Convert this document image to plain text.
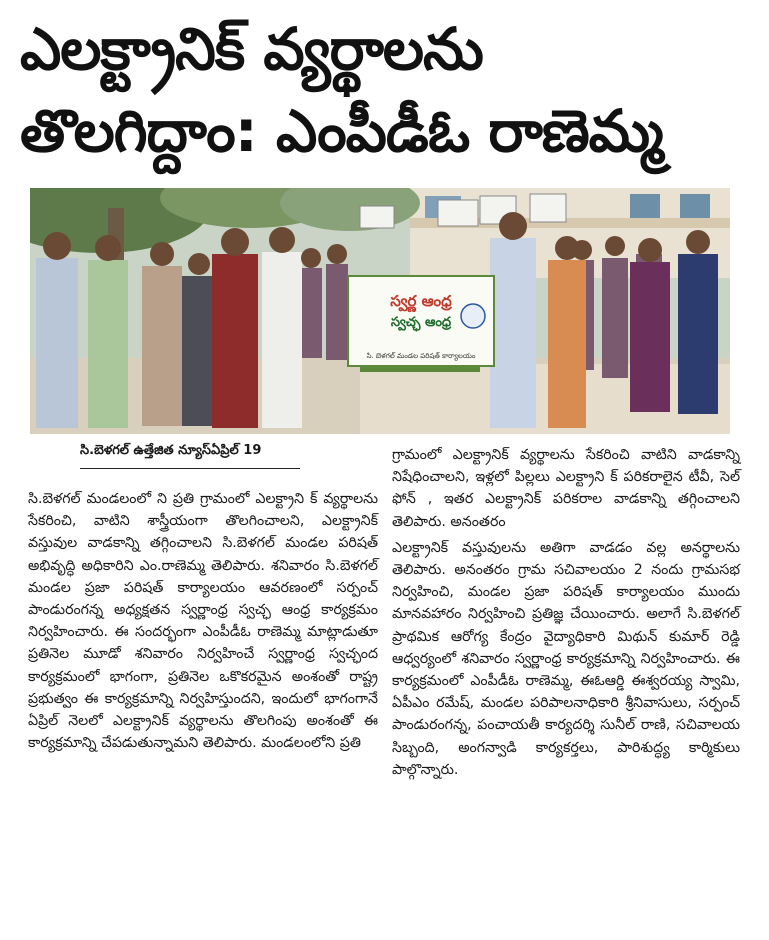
ఎలక్ట్రానిక్ వ్యర్థాలను
తొలగిద్దాం: ఎంపీడీఓ రాణెమ్మ
స్వర్ణ ఆంధ్ర
స్వచ్ఛ ఆంధ్ర
సి. బెళగల్ మండల పరిషత్ కార్యాలయం
సి.బెళగల్ ఉత్తేజిత న్యూస్ఏప్రిల్ 19

సి.బెళగల్ మండలంలో ని ప్రతి గ్రామంలో ఎలక్ట్రాని క్ వ్యర్థాలను సేకరించి, వాటిని శాస్త్రీయంగా తొలగించాలని, ఎలక్ట్రానిక్ వస్తువుల వాడకాన్ని తగ్గించాలని సి.బెళగల్ మండల పరిషత్ అభివృద్ధి అధికారిని ఎం.రాణెమ్మ తెలిపారు. శనివారం సి.బెళగల్ మండల ప్రజా పరిషత్ కార్యాలయం ఆవరణంలో సర్పంచ్ పాండురంగన్న అధ్యక్షతన స్వర్ణాంధ్ర స్వచ్ఛ ఆంధ్ర కార్యక్రమం నిర్వహించారు. ఈ సందర్భంగా ఎంపీడీఓ రాణెమ్మ మాట్లాడుతూ ప్రతినెల మూడో శనివారం నిర్వహించే స్వర్ణాంధ్ర స్వచ్ఛంద కార్యక్రమంలో భాగంగా, ప్రతినెల ఒకొకరమైన అంశంతో రాష్ట్ర ప్రభుత్వం ఈ కార్యక్రమాన్ని నిర్వహిస్తుందని, ఇందులో భాగంగానే ఏప్రిల్ నెలలో ఎలక్ట్రానిక్ వ్యర్థాలను తొలగింపు అంశంతో ఈ కార్యక్రమాన్ని చేపడుతున్నామని తెలిపారు. మండలంలోని ప్రతి

గ్రామంలో ఎలక్ట్రానిక్ వ్యర్థాలను సేకరించి వాటిని వాడకాన్ని నిషేధించాలని, ఇళ్లలో పిల్లలు ఎలక్ట్రాని క్ పరికరాలైన టీవీ, సెల్ ఫోన్ , ఇతర ఎలక్ట్రానిక్ పరికరాల వాడకాన్ని తగ్గించాలని తెలిపారు. అనంతరం

ఎలక్ట్రానిక్ వస్తువులను అతిగా వాడడం వల్ల అనర్థాలను తెలిపారు. అనంతరం గ్రామ సచివాలయం 2 నందు గ్రామసభ నిర్వహించి, మండల ప్రజా పరిషత్ కార్యాలయం ముందు మానవహారం నిర్వహించి ప్రతిజ్ఞ చేయించారు. అలాగే సి.బెళగల్ ప్రాథమిక ఆరోగ్య కేంద్రం వైద్యాధికారి మిథున్ కుమార్ రెడ్డి ఆధ్వర్యంలో శనివారం స్వర్ణాంధ్ర కార్యక్రమాన్ని నిర్వహించారు. ఈ కార్యక్రమంలో ఎంపీడీఓ రాణెమ్మ, ఈఓఆర్డి ఈశ్వరయ్య స్వామి, ఏపీఎం రమేష్, మండల పరిపాలనాధికారి శ్రీనివాసులు, సర్పంచ్ పాండురంగన్న, పంచాయతీ కార్యదర్శి సునీల్ రాణి, సచివాలయ సిబ్బంది, అంగన్వాడి కార్యకర్తలు, పారిశుద్ధ్య కార్మికులు పాల్గొన్నారు.
